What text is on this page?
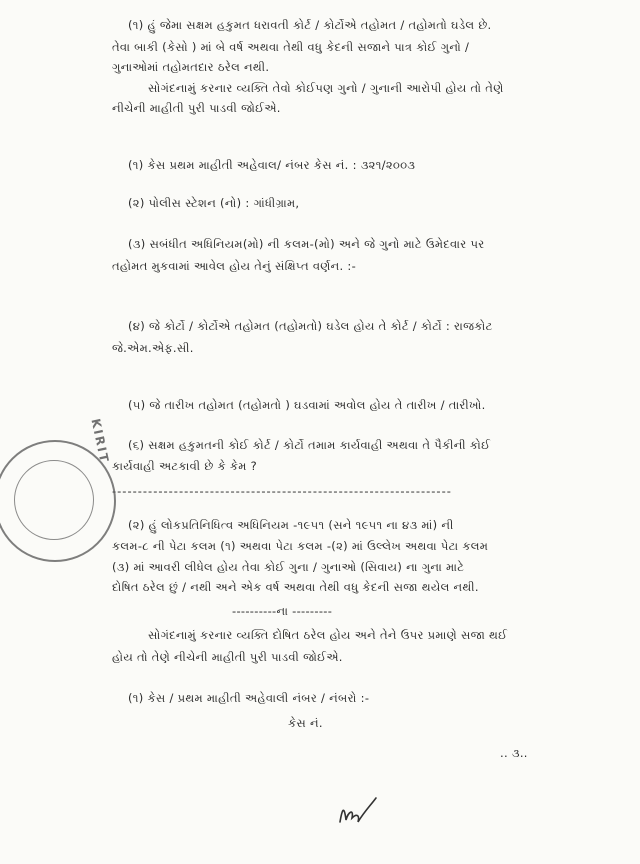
(૧) હું જેમા સક્ષમ હકુમત ધરાવતી કોર્ટ / કોર્ટોએ તહોમત / તહોમતો ઘડેલ છે.
તેવા બાકી (કેસો ) માં બે વર્ષ અથવા તેથી વધુ કેદની સજાને પાત્ર કોઈ ગુનો /
ગુનાઓમાં તહોમતદાર ઠરેલ નથી.
સોગંદનામું કરનાર વ્યક્તિ તેવો કોઈપણ ગુનો / ગુનાની આરોપી હોય તો તેણે
નીચેની માહીતી પુરી પાડવી જોઈએ.
(૧) કેસ પ્રથમ માહીતી અહેવાલ/ નંબર કેસ નં. : ૩૨૧/૨૦૦૩
(૨) પોલીસ સ્ટેશન (નો) : ગાંધીગ્રામ,
(૩) સબંધીત અધિનિયમ(મો) ની કલમ-(મો) અને જે ગુનો માટે ઉમેદવાર પર
તહોમત મુકવામાં આવેલ હોય તેનું સંક્ષિપ્ત વર્ણન. :-
(૪) જે કોર્ટો / કોર્ટોએ તહોમત (તહોમતો) ઘડેલ હોય તે કોર્ટ / કોર્ટો : રાજકોટ
જે.એમ.એફ.સી.
(૫) જે તારીખ તહોમત (તહોમતો ) ઘડવામાં અવોલ હોય તે તારીખ / તારીખો.
(૬) સક્ષમ હકુમતની કોઈ કોર્ટ / કોર્ટો તમામ કાર્યવાહી અથવા તે પૈકીની કોઈ
કાર્યવાહી અટકાવી છે કે કેમ ?
------------------------------------------------------------------
(૨) હું લોકપ્રતિનિધિત્વ અધિનિયમ -૧૯૫૧ (સને ૧૯૫૧ ના ૪૩ માં) ની
કલમ-૮ ની પેટા કલમ (૧) અથવા પેટા કલમ -(૨) માં ઉલ્લેખ અથવા પેટા કલમ
(૩) માં આવરી લીધેલ હોય તેવા કોઈ ગુના / ગુનાઓ (સિવાય) ના ગુના માટે
દોષિત ઠરેલ છું / નથી અને એક વર્ષ અથવા તેથી વધુ કેદની સજા થયેલ નથી.
----------ના ---------
સોગંદનામું કરનાર વ્યક્તિ દોષિત ઠરેલ હોય અને તેને ઉપર પ્રમાણે સજા થઈ
હોય તો તેણે નીચેની માહીતી પુરી પાડવી જોઈએ.
(૧) કેસ / પ્રથમ માહીતી અહેવાલી નંબર / નંબરો :-
કેસ નં.
.. ૩..
KIRIT
